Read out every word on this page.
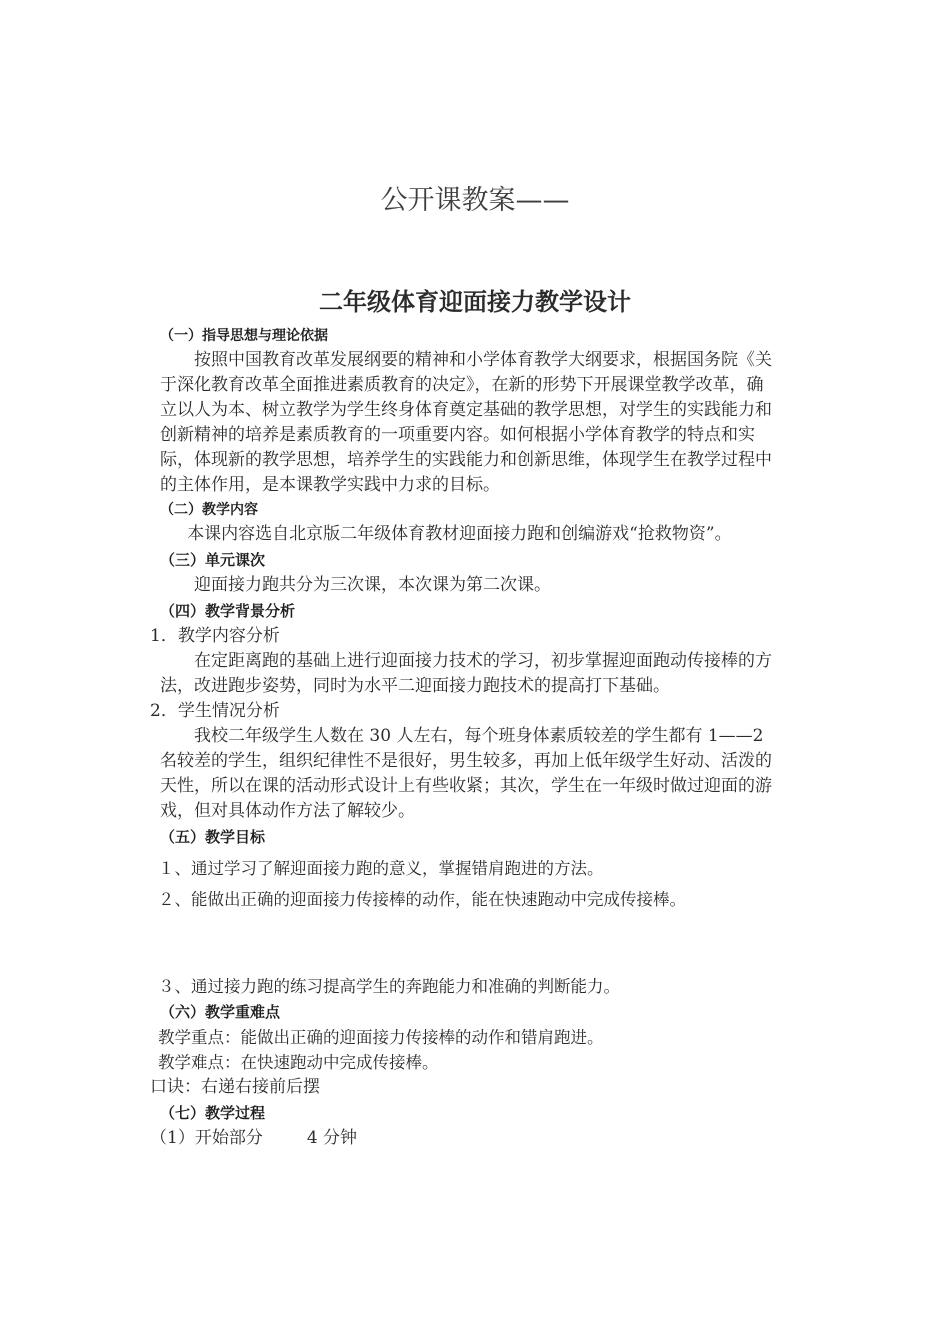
公开课教案——
二年级体育迎面接力教学设计
（一）指导思想与理论依据
按照中国教育改革发展纲要的精神和小学体育教学大纲要求，根据国务院《关于深化教育改革全面推进素质教育的决定》，在新的形势下开展课堂教学改革，确立以人为本、树立教学为学生终身体育奠定基础的教学思想，对学生的实践能力和创新精神的培养是素质教育的一项重要内容。如何根据小学体育教学的特点和实际，体现新的教学思想，培养学生的实践能力和创新思维，体现学生在教学过程中的主体作用，是本课教学实践中力求的目标。
（二）教学内容
本课内容选自北京版二年级体育教材迎面接力跑和创编游戏“抢救物资”。
（三）单元课次
迎面接力跑共分为三次课，本次课为第二次课。
（四）教学背景分析
1．教学内容分析
在定距离跑的基础上进行迎面接力技术的学习，初步掌握迎面跑动传接棒的方法，改进跑步姿势，同时为水平二迎面接力跑技术的提高打下基础。
2．学生情况分析
我校二年级学生人数在 30 人左右，每个班身体素质较差的学生都有 1——2 名较差的学生，组织纪律性不是很好，男生较多，再加上低年级学生好动、活泼的天性，所以在课的活动形式设计上有些收紧；其次，学生在一年级时做过迎面的游戏，但对具体动作方法了解较少。
（五）教学目标
１、通过学习了解迎面接力跑的意义，掌握错肩跑进的方法。
２、能做出正确的迎面接力传接棒的动作，能在快速跑动中完成传接棒。
３、通过接力跑的练习提高学生的奔跑能力和准确的判断能力。
（六）教学重难点
教学重点：能做出正确的迎面接力传接棒的动作和错肩跑进。
教学难点：在快速跑动中完成传接棒。
口诀：右递右接前后摆
（七）教学过程
（1）开始部分	4 分钟
